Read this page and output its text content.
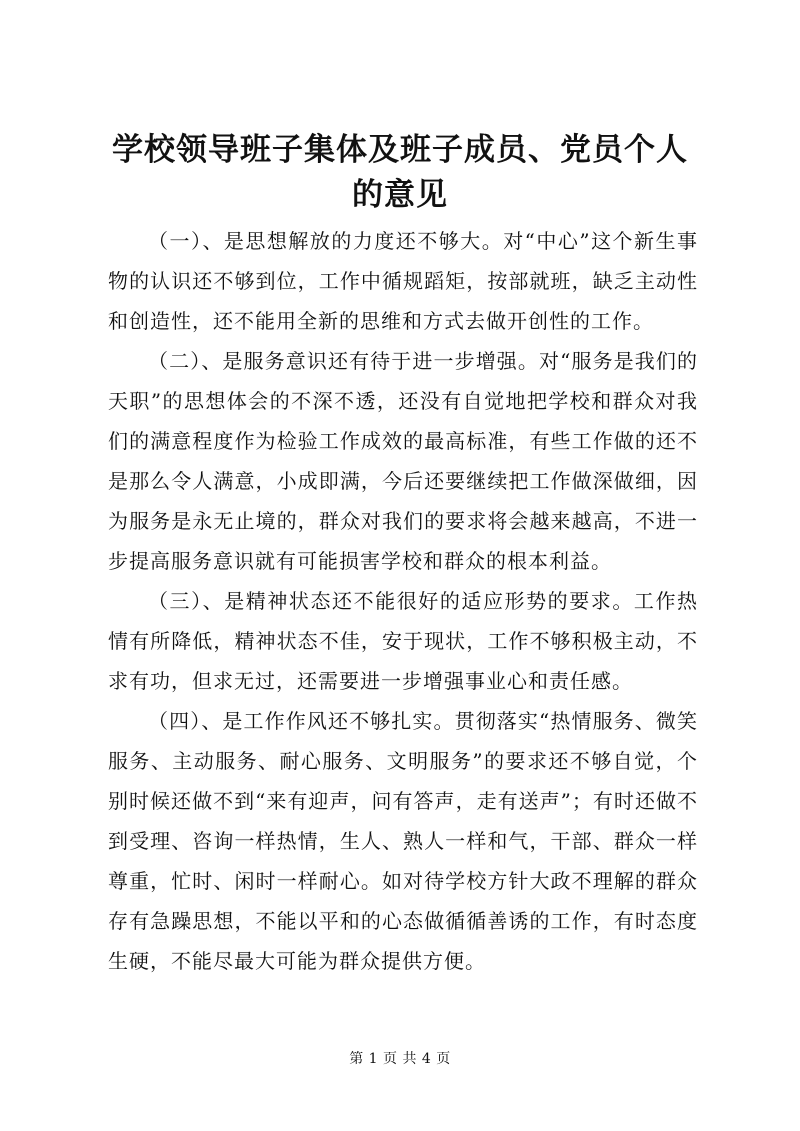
学校领导班子集体及班子成员、党员个人的意见

（一）、是思想解放的力度还不够大。对“中心”这个新生事物的认识还不够到位，工作中循规蹈矩，按部就班，缺乏主动性和创造性，还不能用全新的思维和方式去做开创性的工作。

（二）、是服务意识还有待于进一步增强。对“服务是我们的天职”的思想体会的不深不透，还没有自觉地把学校和群众对我们的满意程度作为检验工作成效的最高标准，有些工作做的还不是那么令人满意，小成即满，今后还要继续把工作做深做细，因为服务是永无止境的，群众对我们的要求将会越来越高，不进一步提高服务意识就有可能损害学校和群众的根本利益。

（三）、是精神状态还不能很好的适应形势的要求。工作热情有所降低，精神状态不佳，安于现状，工作不够积极主动，不求有功，但求无过，还需要进一步增强事业心和责任感。

（四）、是工作作风还不够扎实。贯彻落实“热情服务、微笑服务、主动服务、耐心服务、文明服务”的要求还不够自觉，个别时候还做不到“来有迎声，问有答声，走有送声”；有时还做不到受理、咨询一样热情，生人、熟人一样和气，干部、群众一样尊重，忙时、闲时一样耐心。如对待学校方针大政不理解的群众存有急躁思想，不能以平和的心态做循循善诱的工作，有时态度生硬，不能尽最大可能为群众提供方便。

第 1 页 共 4 页
